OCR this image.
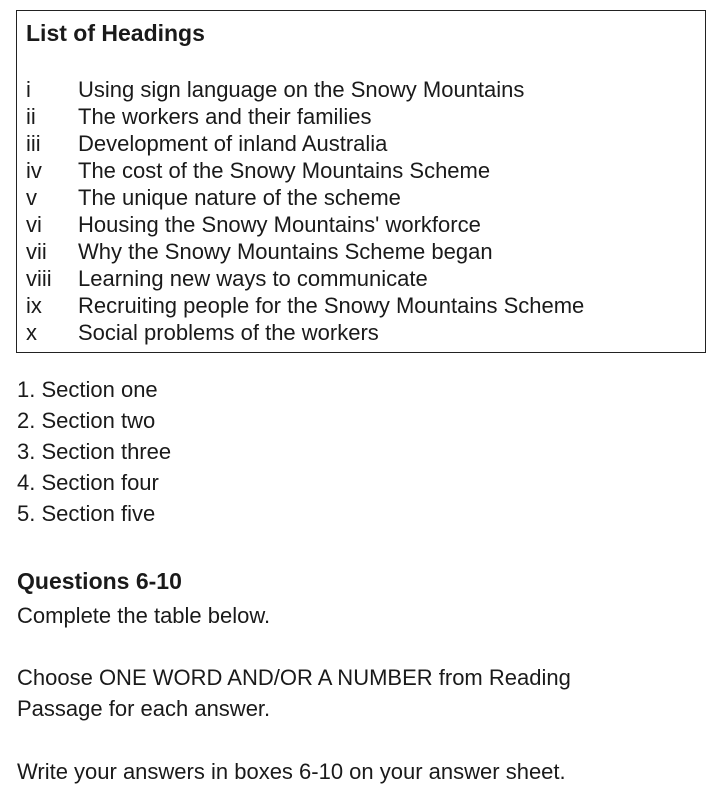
List of Headings
i	Using sign language on the Snowy Mountains
ii	The workers and their families
iii	Development of inland Australia
iv	The cost of the Snowy Mountains Scheme
v	The unique nature of the scheme
vi	Housing the Snowy Mountains' workforce
vii	Why the Snowy Mountains Scheme began
viii	Learning new ways to communicate
ix	Recruiting people for the Snowy Mountains Scheme
x	Social problems of the workers
1. Section one
2. Section two
3. Section three
4. Section four
5. Section five
Questions 6-10
Complete the table below.
Choose ONE WORD AND/OR A NUMBER from Reading
Passage for each answer.
Write your answers in boxes 6-10 on your answer sheet.
